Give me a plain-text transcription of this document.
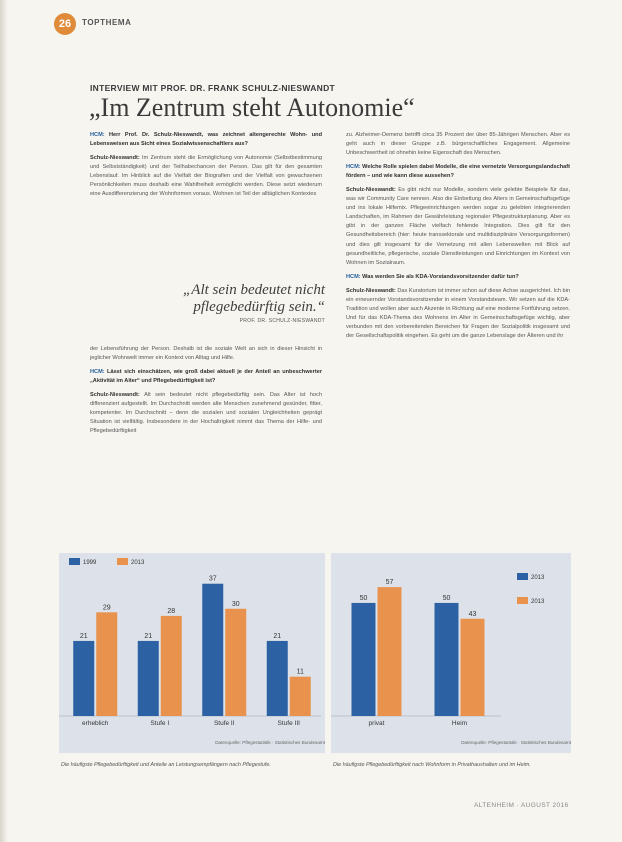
26	TOPTHEMA
INTERVIEW MIT PROF. DR. FRANK SCHULZ-NIESWANDT
„Im Zentrum steht Autonomie“

HCM: Herr Prof. Dr. Schulz-Nieswandt, was zeichnet altengerechte Wohn- und Lebensweisen aus Sicht eines Sozialwissenschaftlers aus?

Schulz-Nieswandt: Im Zentrum steht die Ermöglichung von Autonomie (Selbstbestimmung und Selbstständigkeit) und der Teilhabechancen der Person. Das gilt für den gesamten Lebenslauf. Im Hinblick auf die Vielfalt der Biografien und der Vielfalt von gewachsenen Persönlichkeiten muss deshalb eine Wahlfreiheit ermöglicht werden. Diese setzt wiederum eine Ausdifferenzierung der Wohnformen voraus. Wohnen ist Teil der alltäglichen Kontextes

„Alt sein bedeutet nicht pflegebedürftig sein.“
PROF. DR. SCHULZ-NIESWANDT

der Lebensführung der Person. Deshalb ist die soziale Welt an sich in dieser Hinsicht in jeglicher Wohnwelt immer ein Kontext von Alltag und Hilfe.

HCM: Lässt sich einschätzen, wie groß dabei aktuell je der Anteil an unbeschwerter „Aktivität im Alter“ und Pflegebedürftigkeit ist?

Schulz-Nieswandt: Alt sein bedeutet nicht pflegebedürftig sein. Das Alter ist hoch differenziert aufgestellt. Im Durchschnitt werden alte Menschen zunehmend gesünder, fitter, kompetenter. Im Durchschnitt – denn die sozialen und sozialen Ungleichheiten geprägt Situation ist vielfältig. Insbesondere in der Hochaltrigkeit nimmt das Thema der Hilfe- und Pflegebedürftigkeit

zu. Alzheimer-Demenz betrifft circa 35 Prozent der über 85-Jährigen Menschen. Aber es geht auch in dieser Gruppe z.B. bürgerschaftliches Engagement. Allgemeine Unbeschwertheit ist ohnehin keine Eigenschaft des Menschen.

HCM: Welche Rolle spielen dabei Modelle, die eine vernetzte Versorgungslandschaft fördern – und wie kann diese aussehen?

Schulz-Nieswandt: Es gibt nicht nur Modelle, sondern viele gelebte Beispiele für das, was wir Community Care nennen. Also die Einbettung des Alters in Gemeinschaftsgefüge und ins lokale Hilfemix. Pflegeeinrichtungen werden sogar zu gelebten integrierenden Landschaften, im Rahmen der Gewährleistung regionaler Pflegestrukturplanung. Aber es gibt in der ganzen Fläche vielfach fehlende Integration. Dies gilt für den Gesundheitsbereich (hier: heute transsektorale und multidisziplinäre Versorgungsformen) und dies gilt insgesamt für die Vernetzung mit allen Lebenswelten mit Blick auf gesundheitliche, pflegerische, soziale Dienstleistungen und Einrichtungen im Kontext von Wohnen im Sozialraum.

HCM: Was werden Sie als KDA-Vorstandsvorsitzender dafür tun?

Schulz-Nieswandt: Das Kuratorium ist immer schon auf diese Achse ausgerichtet. Ich bin ein erneuernder Vorstandsvorsitzender in einem Vorstandsteam. Wir setzen auf die KDA-Tradition und wollen aber auch Akzente in Richtung auf eine moderne Fortführung setzen. Und für das KDA-Thema des Wohnens im Alter in Gemeinschaftsgefüge wichtig, aber verbunden mit den vorbereitenden Bereichen für Fragen der Sozialpolitik insgesamt und der Gesellschaftspolitik eingehen. Es geht um die ganze Lebenslage der Älteren und ihr

21
29
erheblich
21
28
Stufe I
37
30
Stufe II
21
11
Stufe III
1999	2013
Datenquelle: Pflegestatistik · Statistisches Bundesamt
Die häufigste Pflegebedürftigkeit und Anteile an Leistungsempfängern nach Pflegestufe.
50
57
privat
50
43
Heim
2013
2013
Datenquelle: Pflegestatistik · Statistisches Bundesamt
Die häufigste Pflegebedürftigkeit nach Wohnform in Privathaushalten und im Heim.
ALTENHEIM · AUGUST 2016
